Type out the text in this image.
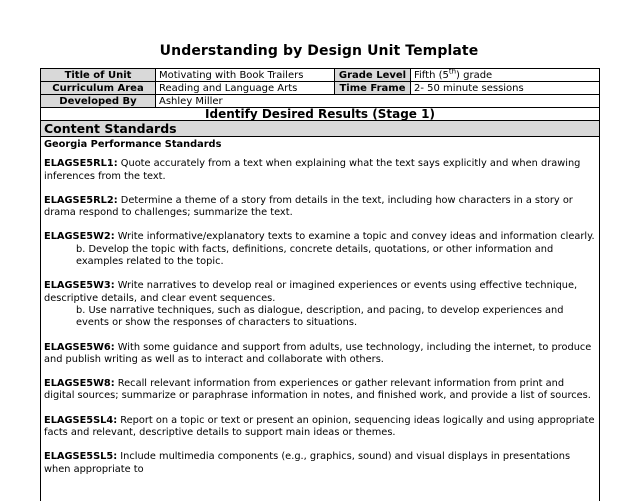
Understanding by Design Unit Template
Title of Unit	Motivating with Book Trailers	Grade Level	Fifth (5th) grade
Curriculum Area	Reading and Language Arts	Time Frame	2- 50 minute sessions
Developed By	Ashley Miller		
Identify Desired Results (Stage 1)			
Content Standards
Georgia Performance Standards
ELAGSE5RL1: Quote accurately from a text when explaining what the text says explicitly and when drawing inferences from the text.
ELAGSE5RL2: Determine a theme of a story from details in the text, including how characters in a story or drama respond to challenges; summarize the text.
ELAGSE5W2: Write informative/explanatory texts to examine a topic and convey ideas and information clearly.
b. Develop the topic with facts, definitions, concrete details, quotations, or other information and examples related to the topic.
ELAGSE5W3: Write narratives to develop real or imagined experiences or events using effective technique, descriptive details, and clear event sequences.
b. Use narrative techniques, such as dialogue, description, and pacing, to develop experiences and events or show the responses of characters to situations.
ELAGSE5W6: With some guidance and support from adults, use technology, including the internet, to produce and publish writing as well as to interact and collaborate with others.
ELAGSE5W8: Recall relevant information from experiences or gather relevant information from print and digital sources; summarize or paraphrase information in notes, and finished work, and provide a list of sources.
ELAGSE5SL4: Report on a topic or text or present an opinion, sequencing ideas logically and using appropriate facts and relevant, descriptive details to support main ideas or themes.
ELAGSE5SL5: Include multimedia components (e.g., graphics, sound) and visual displays in presentations when appropriate to
